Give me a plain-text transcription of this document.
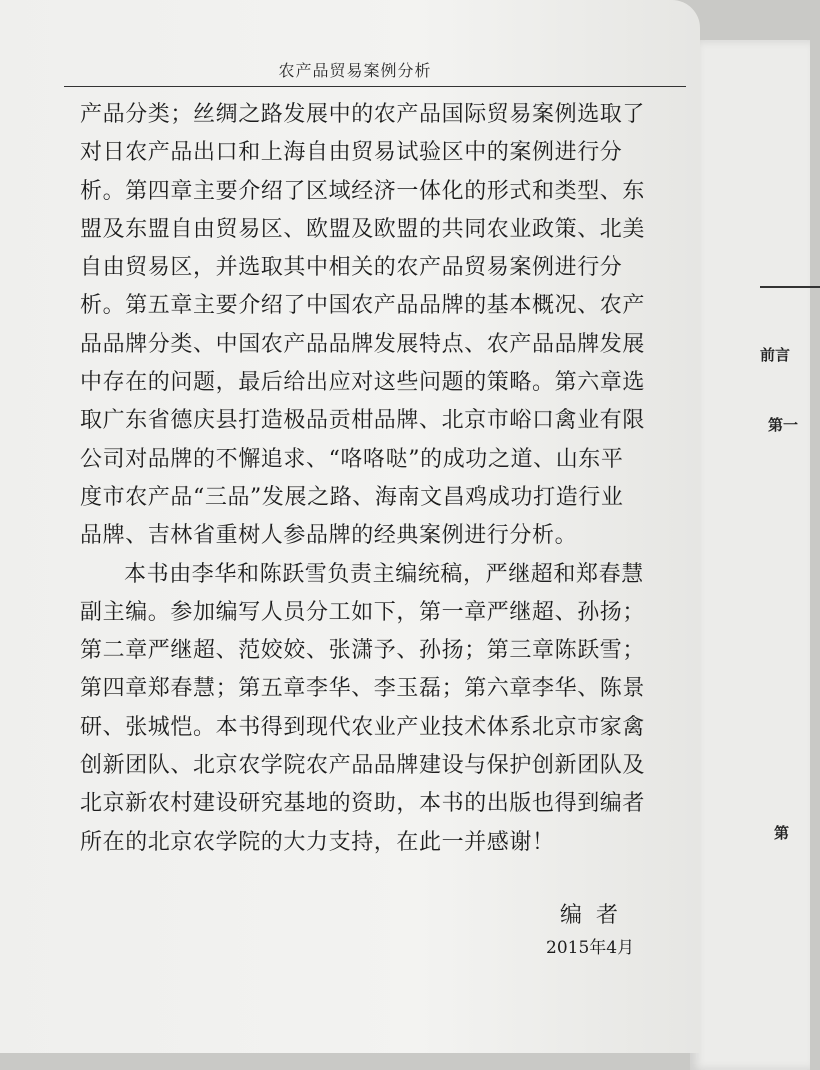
前言
第一
第
农产品贸易案例分析
产品分类；丝绸之路发展中的农产品国际贸易案例选取了
对日农产品出口和上海自由贸易试验区中的案例进行分
析。第四章主要介绍了区域经济一体化的形式和类型、东
盟及东盟自由贸易区、欧盟及欧盟的共同农业政策、北美
自由贸易区，并选取其中相关的农产品贸易案例进行分
析。第五章主要介绍了中国农产品品牌的基本概况、农产
品品牌分类、中国农产品品牌发展特点、农产品品牌发展
中存在的问题，最后给出应对这些问题的策略。第六章选
取广东省德庆县打造极品贡柑品牌、北京市峪口禽业有限
公司对品牌的不懈追求、“咯咯哒”的成功之道、山东平
度市农产品“三品”发展之路、海南文昌鸡成功打造行业
品牌、吉林省重树人参品牌的经典案例进行分析。
本书由李华和陈跃雪负责主编统稿，严继超和郑春慧
副主编。参加编写人员分工如下，第一章严继超、孙扬；
第二章严继超、范姣姣、张潇予、孙扬；第三章陈跃雪；
第四章郑春慧；第五章李华、李玉磊；第六章李华、陈景
研、张城恺。本书得到现代农业产业技术体系北京市家禽
创新团队、北京农学院农产品品牌建设与保护创新团队及
北京新农村建设研究基地的资助，本书的出版也得到编者
所在的北京农学院的大力支持，在此一并感谢！
编者
2015年4月
